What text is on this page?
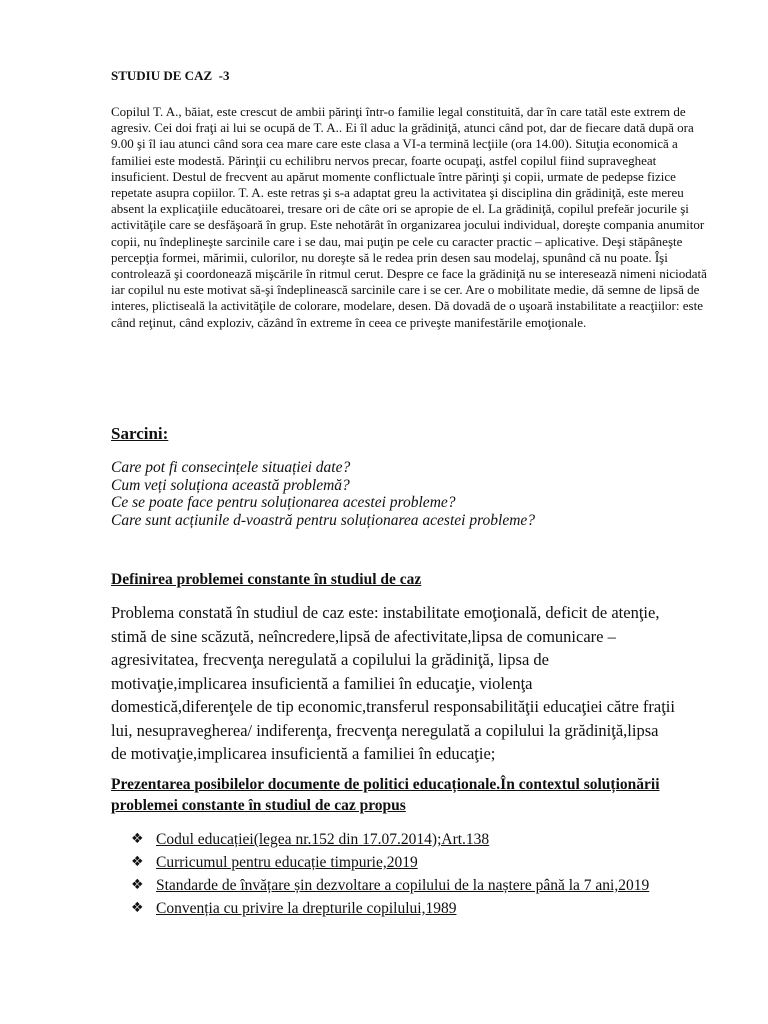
STUDIU DE CAZ  -3

Copilul T. A., băiat, este crescut de ambii părinţi într-o familie legal constituită, dar în care tatăl este extrem de agresiv. Cei doi fraţi ai lui se ocupă de T. A.. Ei îl aduc la grădiniţă, atunci când pot, dar de fiecare dată după ora 9.00 şi îl iau atunci când sora cea mare care este clasa a VI-a termină lecţiile (ora 14.00). Situţia economică a familiei este modestă. Părinţii cu echilibru nervos precar, foarte ocupaţi, astfel copilul fiind supravegheat insuficient. Destul de frecvent au apărut momente conflictuale între părinţi şi copii, urmate de pedepse fizice repetate asupra copiilor. T. A. este retras şi s-a adaptat greu la activitatea şi disciplina din grădiniţă, este mereu absent la explicaţiile educătoarei, tresare ori de câte ori se apropie de el. La grădiniţă, copilul prefeăr jocurile şi activităţile care se desfăşoară în grup. Este nehotărât în organizarea jocului individual, doreşte compania anumitor copii, nu îndeplineşte sarcinile care i se dau, mai puţin pe cele cu caracter practic – aplicative. Deşi stăpâneşte percepţia formei, mărimii, culorilor, nu doreşte să le redea prin desen sau modelaj, spunând că nu poate. Îşi controlează şi coordonează mişcările în ritmul cerut. Despre ce face la grădiniţă nu se interesează nimeni niciodată iar copilul nu este motivat să-şi îndeplinească sarcinile care i se cer. Are o mobilitate medie, dă semne de lipsă de interes, plictiseală la activităţile de colorare, modelare, desen. Dă dovadă de o uşoară instabilitate a reacţiilor: este când reţinut, când exploziv, căzând în extreme în ceea ce priveşte manifestările emoţionale.

Sarcini:

Care pot fi consecințele situației date?
Cum veți soluționa această problemă?
Ce se poate face pentru soluționarea acestei probleme?
Care sunt acțiunile d-voastră pentru soluționarea acestei probleme?

Definirea problemei constante în studiul de caz

Problema constată în studiul de caz este: instabilitate emoţională, deficit de atenţie, stimă de sine scăzută, neîncredere,lipsă de afectivitate,lipsa de comunicare – agresivitatea, frecvenţa neregulată a copilului la grădiniţă, lipsa de motivaţie,implicarea insuficientă a familiei în educaţie, violenţa domestică,diferenţele de tip economic,transferul responsabilităţii educaţiei către fraţii lui, nesupravegherea/ indiferenţa, frecvenţa neregulată a copilului la grădiniţă,lipsa de motivaţie,implicarea insuficientă a familiei în educaţie;

Prezentarea posibilelor documente de politici educaționale.În contextul soluționării problemei constante în studiul de caz propus

❖ Codul educației(legea nr.152 din 17.07.2014);Art.138
❖ Curricumul pentru educație timpurie,2019
❖ Standarde de învățare șin dezvoltare a copilului de la naștere până la 7 ani,2019
❖ Convenția cu privire la drepturile copilului,1989
